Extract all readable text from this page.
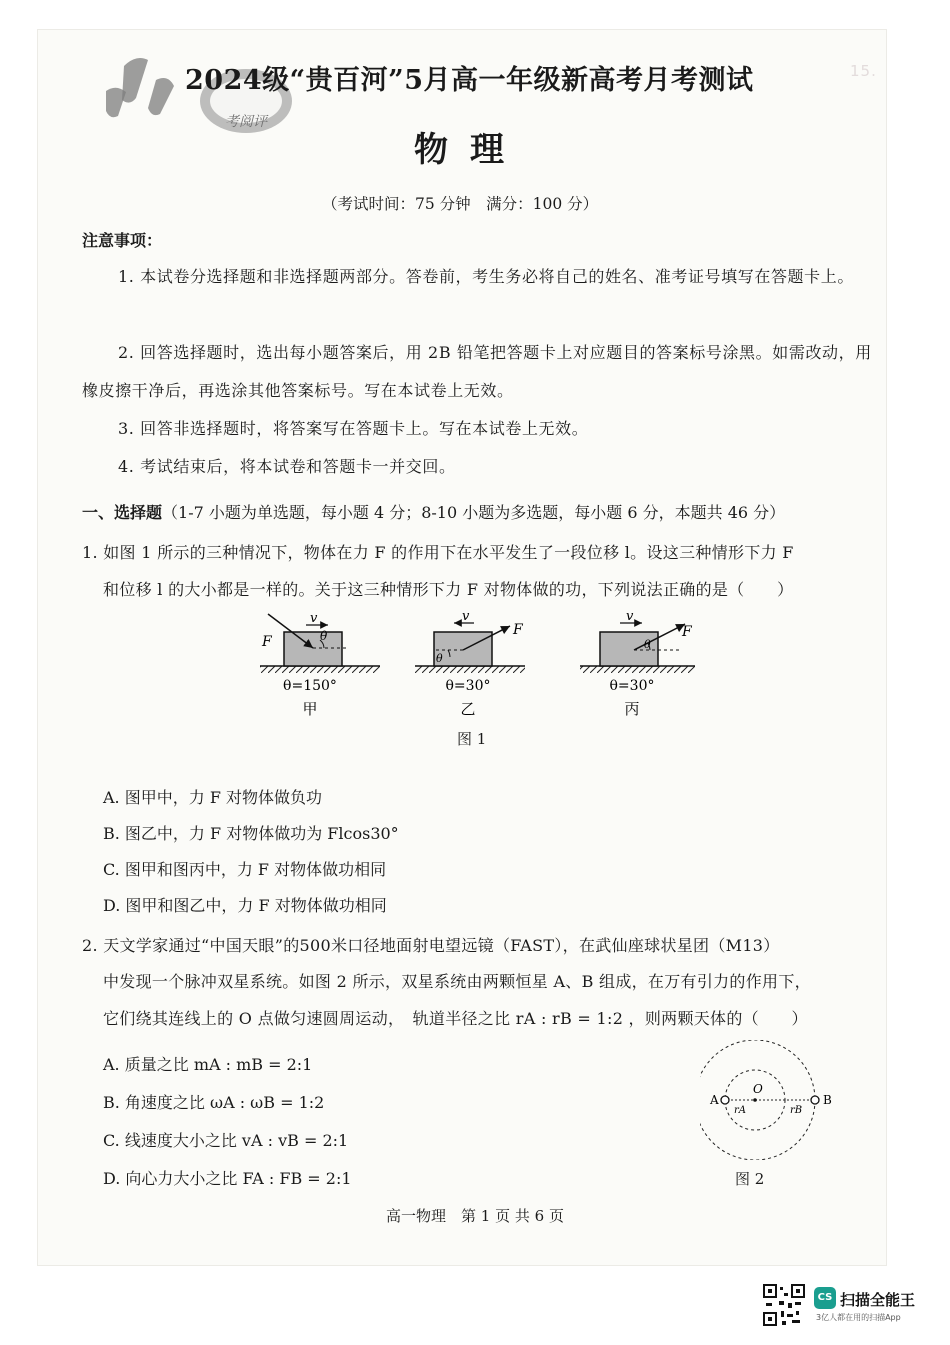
15.
考阅评
2024级“贵百河”5月高一年级新高考月考测试
物理
（考试时间：75 分钟　满分：100 分）
注意事项：
1. 本试卷分选择题和非选择题两部分。答卷前，考生务必将自己的姓名、准考证号填写在答题卡上。
2. 回答选择题时，选出每小题答案后，用 2B 铅笔把答题卡上对应题目的答案标号涂黑。如需改动，用橡皮擦干净后，再选涂其他答案标号。写在本试卷上无效。
3. 回答非选择题时，将答案写在答题卡上。写在本试卷上无效。
4. 考试结束后，将本试卷和答题卡一并交回。
一、选择题（1-7 小题为单选题，每小题 4 分；8-10 小题为多选题，每小题 6 分，本题共 46 分）
1. 如图 1 所示的三种情况下，物体在力 F 的作用下在水平发生了一段位移 l。设这三种情形下力 F
和位移 l 的大小都是一样的。关于这三种情形下力 F 对物体做的功，下列说法正确的是（　　）
v
F	θ
θ=150°
甲
v
F
θ
θ=30°
乙
v
F
θ
θ=30°
丙
图 1
A. 图甲中，力 F 对物体做负功
B. 图乙中，力 F 对物体做功为 Flcos30°
C. 图甲和图丙中，力 F 对物体做功相同
D. 图甲和图乙中，力 F 对物体做功相同
2. 天文学家通过“中国天眼”的500米口径地面射电望远镜（FAST），在武仙座球状星团（M13）
中发现一个脉冲双星系统。如图 2 所示，双星系统由两颗恒星 A、B 组成，在万有引力的作用下，
它们绕其连线上的 O 点做匀速圆周运动，　轨道半径之比 rA : rB = 1:2 ，则两颗天体的（　　）
A. 质量之比 mA : mB = 2:1
B. 角速度之比 ωA : ωB = 1:2
C. 线速度大小之比 vA : vB = 2:1
D. 向心力大小之比 FA : FB = 2:1
A	B
O
rA	rB
图 2
高一物理　第 1 页 共 6 页
CS 扫描全能王
3亿人都在用的扫描App
